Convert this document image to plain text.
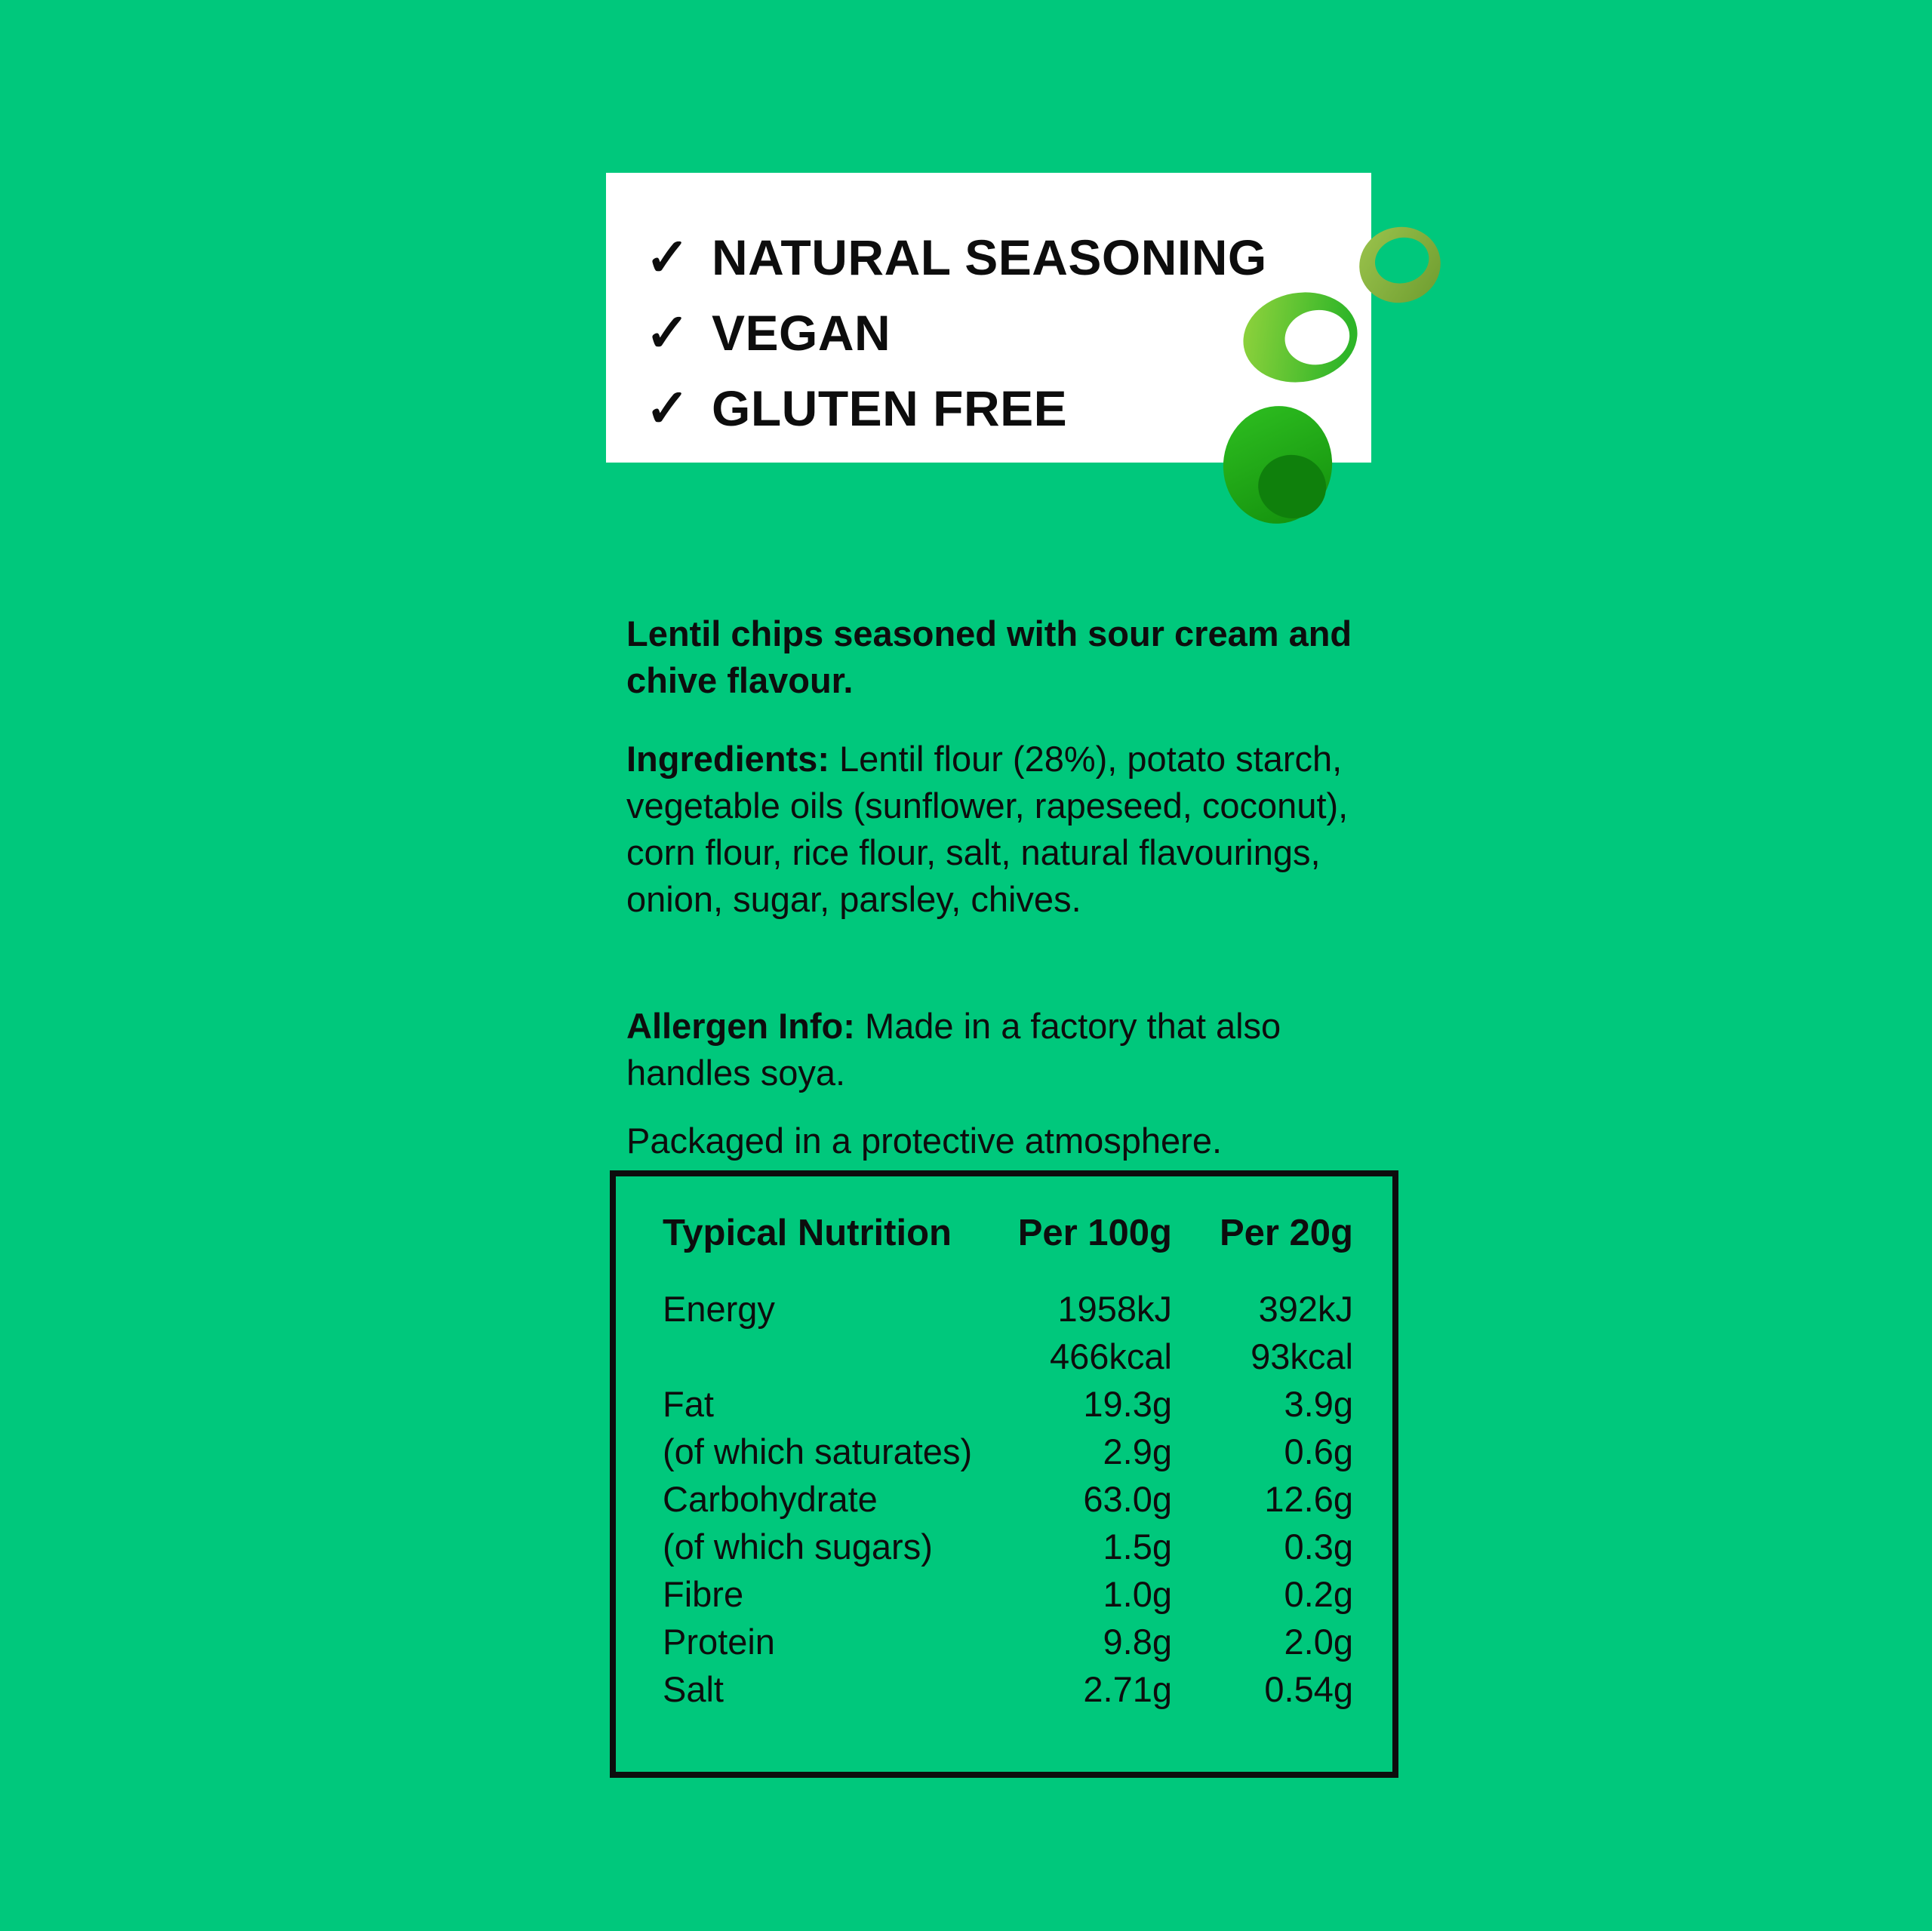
✓ NATURAL SEASONING
✓ VEGAN
✓ GLUTEN FREE

Lentil chips seasoned with sour cream and chive flavour.

Ingredients: Lentil flour (28%), potato starch, vegetable oils (sunflower, rapeseed, coconut), corn flour, rice flour, salt, natural flavourings, onion, sugar, parsley, chives.

Allergen Info: Made in a factory that also handles soya.

Packaged in a protective atmosphere.

Typical Nutrition	Per 100g	Per 20g
Energy	1958kJ	392kJ
466kcal	93kcal
Fat	19.3g	3.9g
(of which saturates)	2.9g	0.6g
Carbohydrate	63.0g	12.6g
(of which sugars)	1.5g	0.3g
Fibre	1.0g	0.2g
Protein	9.8g	2.0g
Salt	2.71g	0.54g
